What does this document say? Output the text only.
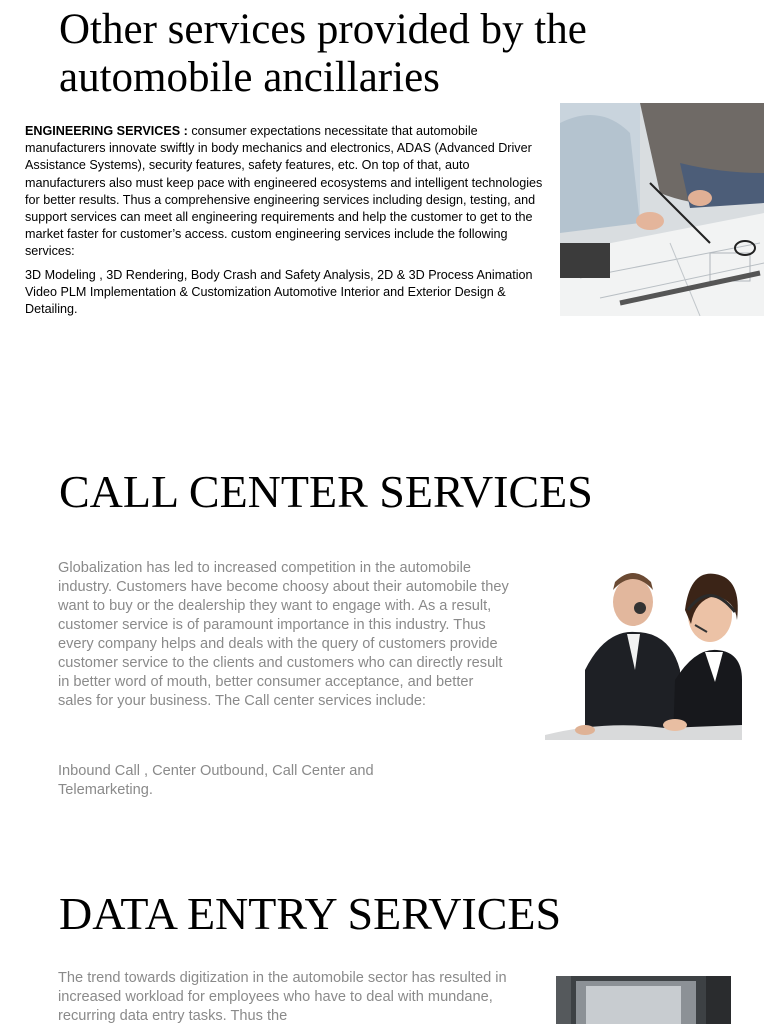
Other services provided by the automobile ancillaries

ENGINEERING SERVICES : consumer expectations necessitate that automobile manufacturers innovate swiftly in body mechanics and electronics, ADAS (Advanced Driver Assistance Systems), security features, safety features, etc. On top of that, auto manufacturers also must keep pace with engineered ecosystems and intelligent technologies for better results. Thus a comprehensive engineering services including design, testing, and support services can meet all engineering requirements and help the customer to get to the market faster for customer’s access. custom engineering services include the following services:

3D Modeling , 3D Rendering, Body Crash and Safety Analysis, 2D & 3D Process Animation Video PLM Implementation & Customization Automotive Interior and Exterior Design & Detailing.

CALL CENTER SERVICES
Globalization has led to increased competition in the automobile industry. Customers have become choosy about their automobile they want to buy or the dealership they want to engage with. As a result, customer service is of paramount importance in this industry. Thus every company helps and deals with the query of customers provide customer service to the clients and customers who can directly result in better word of mouth, better consumer acceptance, and better sales for your business. The Call center services include:
Inbound Call , Center Outbound, Call Center and Telemarketing.
DATA ENTRY SERVICES
The trend towards digitization in the automobile sector has resulted in increased workload for employees who have to deal with mundane, recurring data entry tasks. Thus the
